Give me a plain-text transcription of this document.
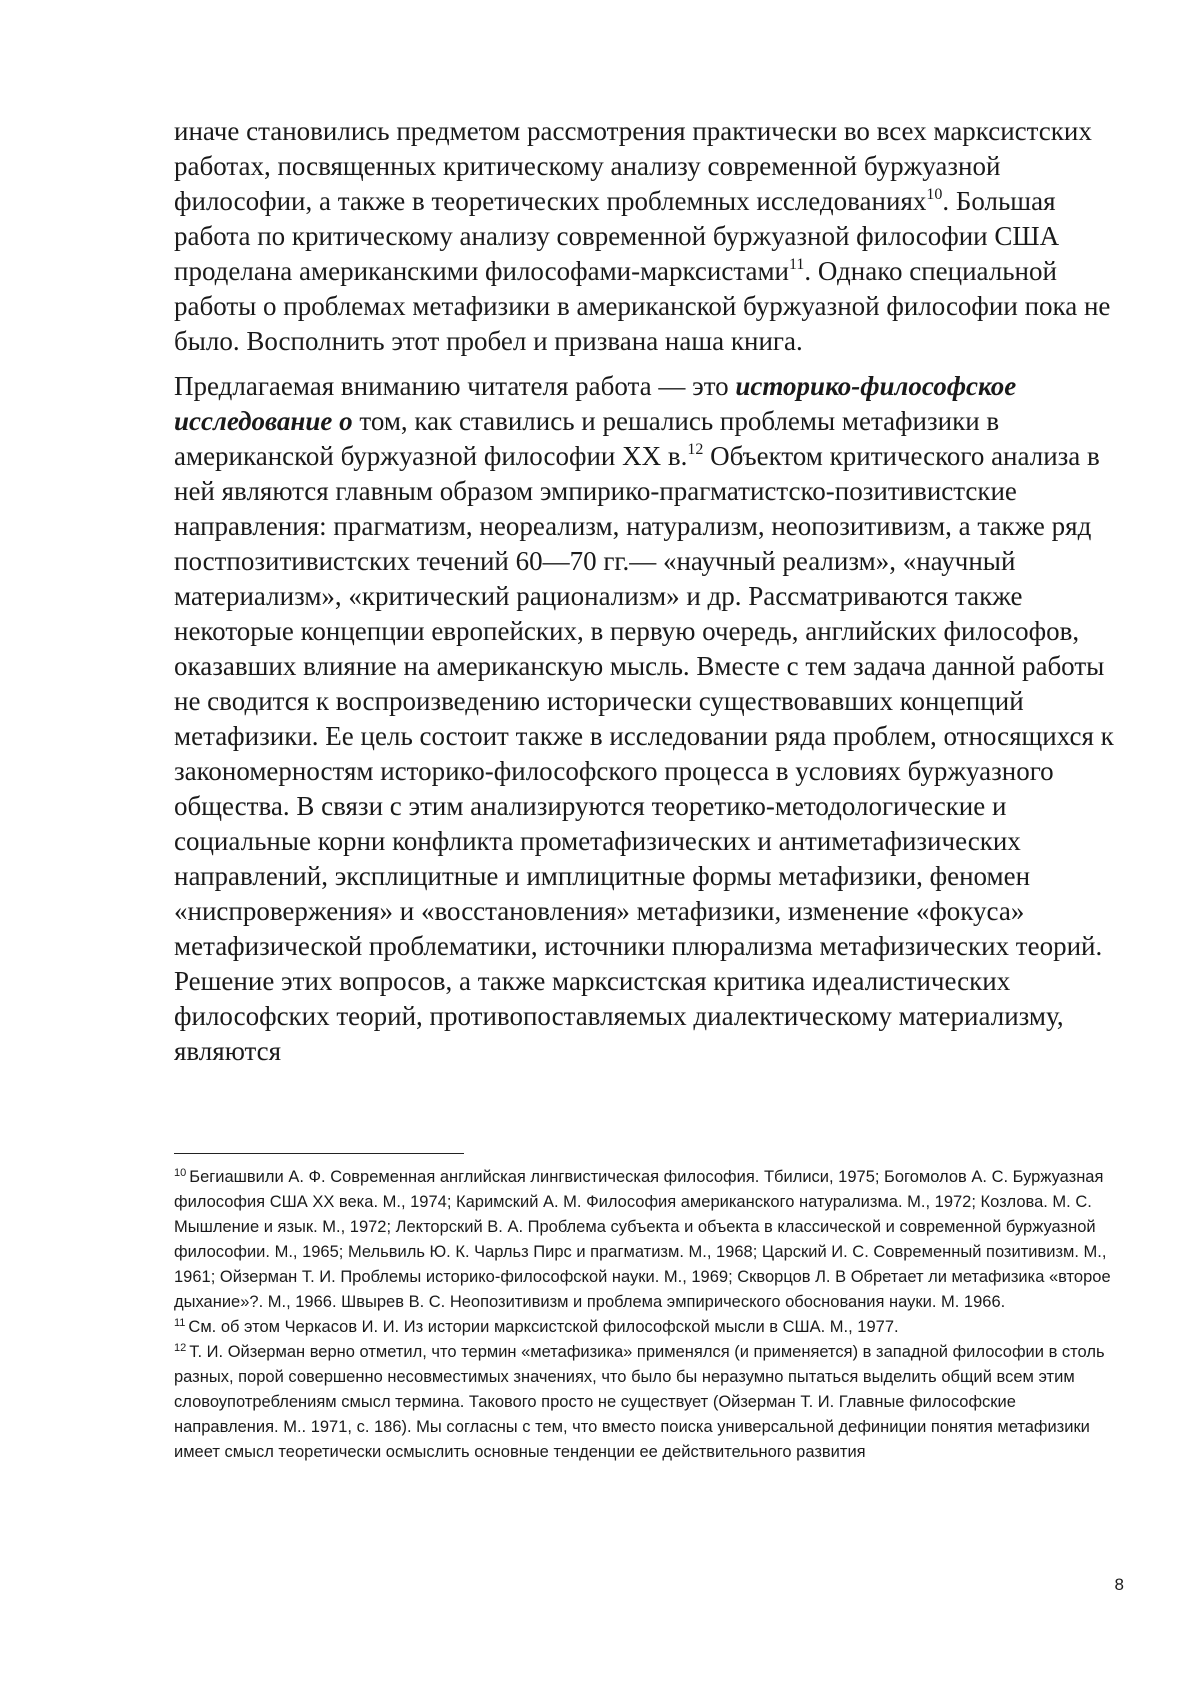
иначе становились предметом рассмотрения практически во всех марксистских работах, посвященных критическому анализу современной буржуазной философии, а также в теоретических проблемных исследованиях$^{10}$. Большая работа по критическому анализу современной буржуазной философии США проделана американскими философами-марксистами$^{11}$. Однако специальной работы о проблемах метафизики в американской буржуазной философии пока не было. Восполнить этот пробел и призвана наша книга.

Предлагаемая вниманию читателя работа — это историко-философское исследование о том, как ставились и решались проблемы метафизики в американской буржуазной философии XX в.$^{12}$ Объектом критического анализа в ней являются главным образом эмпирико-прагматистско-позитивистские направления: прагматизм, неореализм, натурализм, неопозитивизм, а также ряд постпозитивистских течений 60—70 гг.— «научный реализм», «научный материализм», «критический рационализм» и др. Рассматриваются также некоторые концепции европейских, в первую очередь, английских философов, оказавших влияние на американскую мысль. Вместе с тем задача данной работы не сводится к воспроизведению исторически существовавших концепций метафизики. Ее цель состоит также в исследовании ряда проблем, относящихся к закономерностям историко-философского процесса в условиях буржуазного общества. В связи с этим анализируются теоретико-методологические и социальные корни конфликта прометафизических и антиметафизических направлений, эксплицитные и имплицитные формы метафизики, феномен «ниспровержения» и «восстановления» метафизики, изменение «фокуса» метафизической проблематики, источники плюрализма метафизических теорий. Решение этих вопросов, а также марксистская критика идеалистических философских теорий, противопоставляемых диалектическому материализму, являются

$^{10}$ Бегиашвили А. Ф. Современная английская лингвистическая философия. Тбилиси, 1975; Богомолов А. С. Буржуазная философия США XX века. М., 1974; Каримский А. М. Философия американского натурализма. М., 1972; Козлова. М. С. Мышление и язык. М., 1972; Лекторский В. А. Проблема субъекта и объекта в классической и современной буржуазной философии. М., 1965; Мельвиль Ю. К. Чарльз Пирс и прагматизм. М., 1968; Царский И. С. Современный позитивизм. М., 1961; Ойзерман Т. И. Проблемы историко-философской науки. М., 1969; Скворцов Л. В Обретает ли метафизика «второе дыхание»?. М., 1966. Швырев В. С. Неопозитивизм и проблема эмпирического обоснования науки. М. 1966.

$^{11}$ См. об этом Черкасов И. И. Из истории марксистской философской мысли в США. М., 1977.

$^{12}$ Т. И. Ойзерман верно отметил, что термин «метафизика» применялся (и применяется) в западной философии в столь разных, порой совершенно несовместимых значениях, что было бы неразумно пытаться выделить общий всем этим словоупотреблениям смысл термина. Такового просто не существует (Ойзерман Т. И. Главные философские направления. М.. 1971, с. 186). Мы согласны с тем, что вместо поиска универсальной дефиниции понятия метафизики имеет смысл теоретически осмыслить основные тенденции ее действительного развития

8
